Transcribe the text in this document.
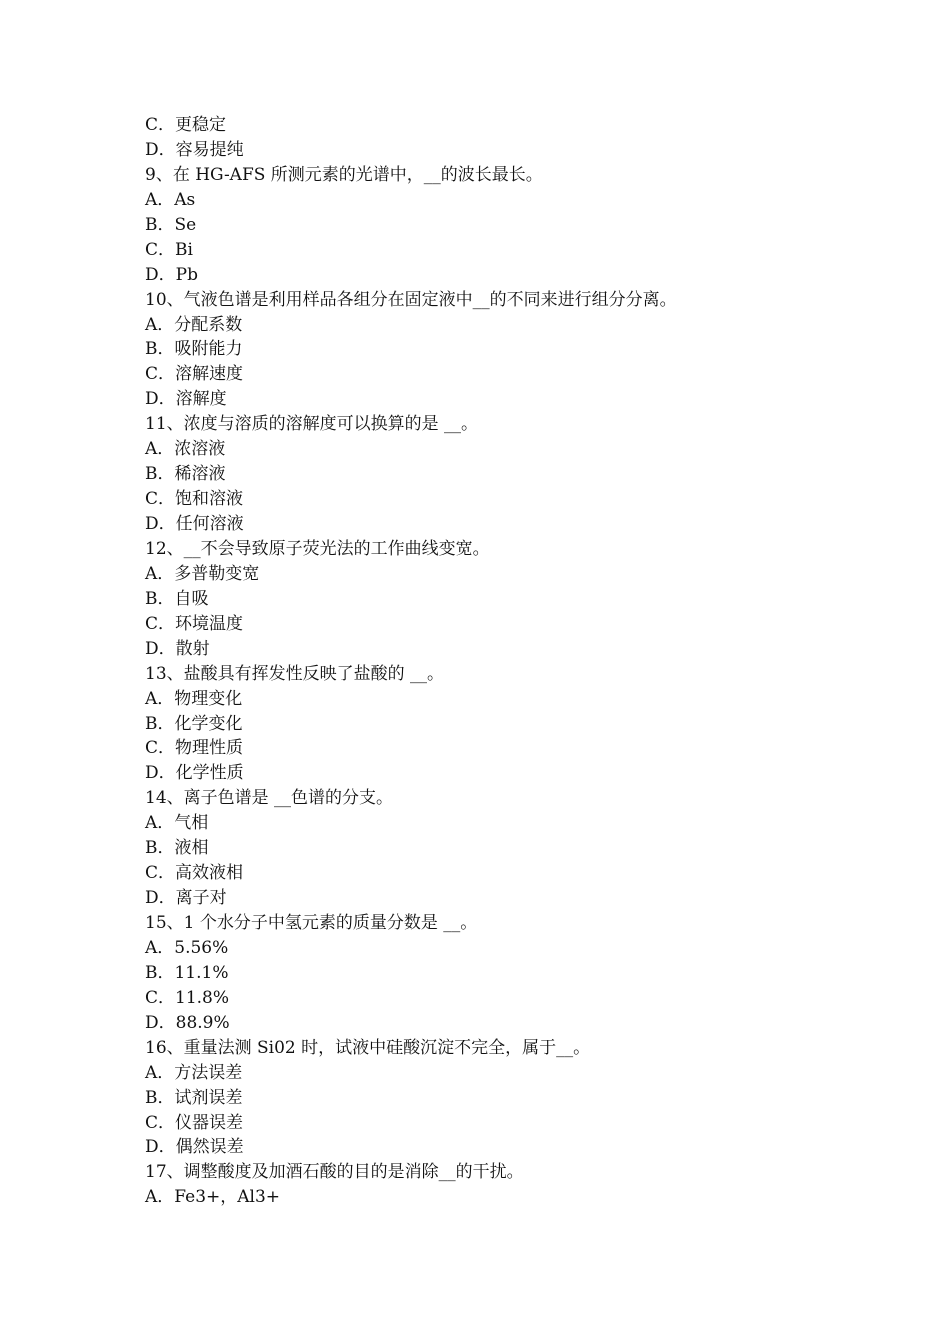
C．更稳定
D．容易提纯
9、在 HG-AFS 所测元素的光谱中，__的波长最长。
A．As
B．Se
C．Bi
D．Pb
10、气液色谱是利用样品各组分在固定液中__的不同来进行组分分离。
A．分配系数
B．吸附能力
C．溶解速度
D．溶解度
11、浓度与溶质的溶解度可以换算的是 __。
A．浓溶液
B．稀溶液
C．饱和溶液
D．任何溶液
12、__不会导致原子荧光法的工作曲线变宽。
A．多普勒变宽
B．自吸
C．环境温度
D．散射
13、盐酸具有挥发性反映了盐酸的 __。
A．物理变化
B．化学变化
C．物理性质
D．化学性质
14、离子色谱是 __色谱的分支。
A．气相
B．液相
C．高效液相
D．离子对
15、1 个水分子中氢元素的质量分数是 __。
A．5.56%
B．11.1%
C．11.8%
D．88.9%
16、重量法测 Si02 时，试液中硅酸沉淀不完全，属于__。
A．方法误差
B．试剂误差
C．仪器误差
D．偶然误差
17、调整酸度及加酒石酸的目的是消除__的干扰。
A．Fe3+，Al3+
